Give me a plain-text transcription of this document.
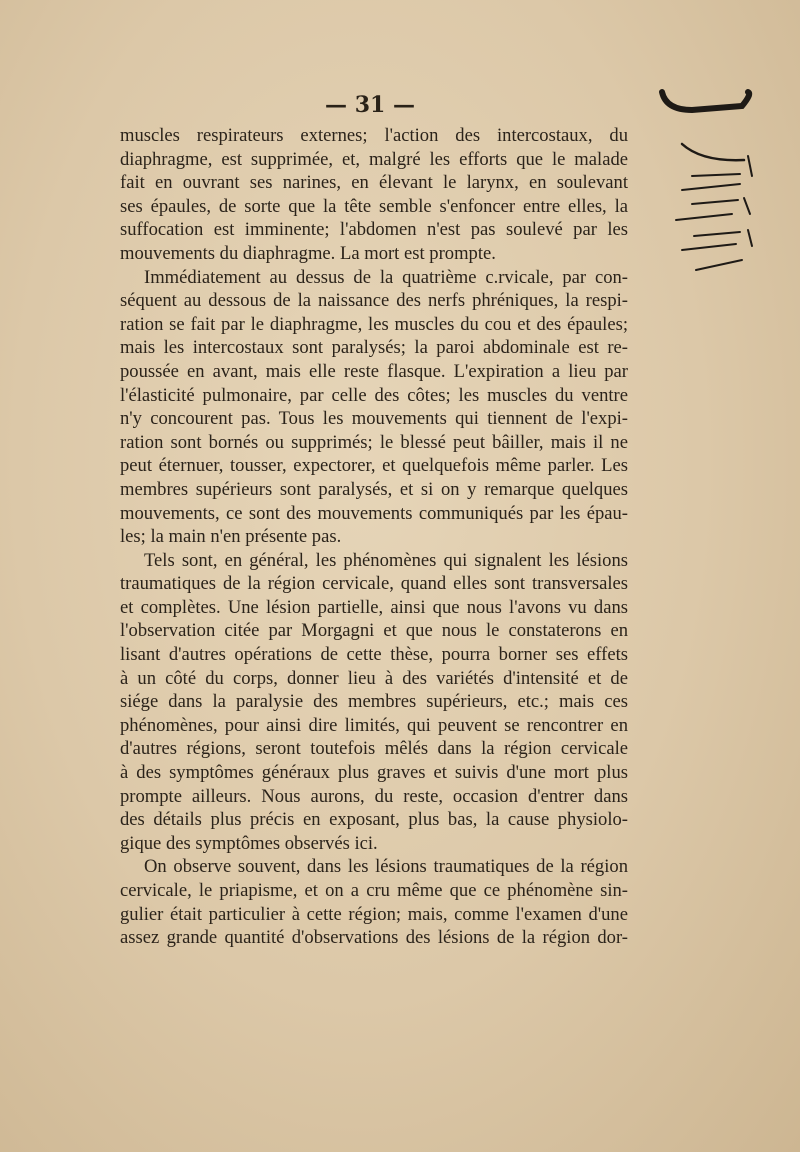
— 31 —
muscles respirateurs externes; l'action des intercostaux, du
diaphragme, est supprimée, et, malgré les efforts que le malade
fait en ouvrant ses narines, en élevant le larynx, en soulevant
ses épaules, de sorte que la tête semble s'enfoncer entre elles, la
suffocation est imminente; l'abdomen n'est pas soulevé par les
mouvements du diaphragme. La mort est prompte.
Immédiatement au dessus de la quatrième c.rvicale, par con-
séquent au dessous de la naissance des nerfs phréniques, la respi-
ration se fait par le diaphragme, les muscles du cou et des épaules;
mais les intercostaux sont paralysés; la paroi abdominale est re-
poussée en avant, mais elle reste flasque. L'expiration a lieu par
l'élasticité pulmonaire, par celle des côtes; les muscles du ventre
n'y concourent pas. Tous les mouvements qui tiennent de l'expi-
ration sont bornés ou supprimés; le blessé peut bâiller, mais il ne
peut éternuer, tousser, expectorer, et quelquefois même parler. Les
membres supérieurs sont paralysés, et si on y remarque quelques
mouvements, ce sont des mouvements communiqués par les épau-
les; la main n'en présente pas.
Tels sont, en général, les phénomènes qui signalent les lésions
traumatiques de la région cervicale, quand elles sont transversales
et complètes. Une lésion partielle, ainsi que nous l'avons vu dans
l'observation citée par Morgagni et que nous le constaterons en
lisant d'autres opérations de cette thèse, pourra borner ses effets
à un côté du corps, donner lieu à des variétés d'intensité et de
siége dans la paralysie des membres supérieurs, etc.; mais ces
phénomènes, pour ainsi dire limités, qui peuvent se rencontrer en
d'autres régions, seront toutefois mêlés dans la région cervicale
à des symptômes généraux plus graves et suivis d'une mort plus
prompte ailleurs. Nous aurons, du reste, occasion d'entrer dans
des détails plus précis en exposant, plus bas, la cause physiolo-
gique des symptômes observés ici.
On observe souvent, dans les lésions traumatiques de la région
cervicale, le priapisme, et on a cru même que ce phénomène sin-
gulier était particulier à cette région; mais, comme l'examen d'une
assez grande quantité d'observations des lésions de la région dor-
